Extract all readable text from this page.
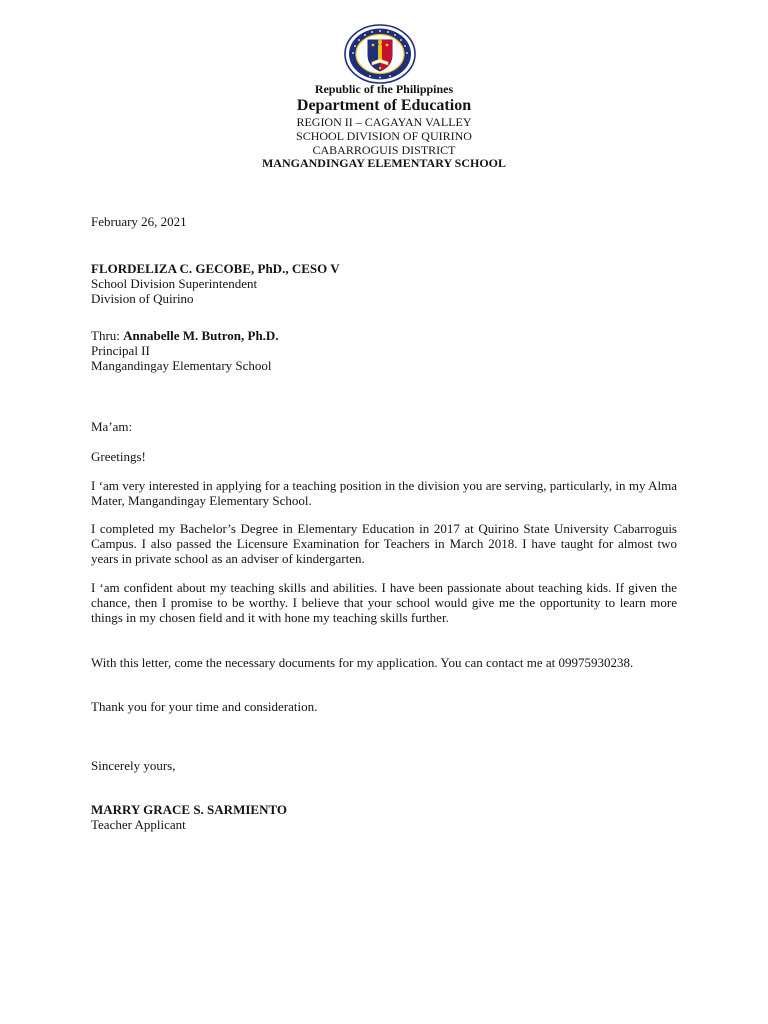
Republic of the Philippines
Department of Education
REGION II – CAGAYAN VALLEY
SCHOOL DIVISION OF QUIRINO
CABARROGUIS DISTRICT
MANGANDINGAY ELEMENTARY SCHOOL
February 26, 2021
FLORDELIZA C. GECOBE, PhD., CESO V
School Division Superintendent
Division of Quirino
Thru: Annabelle M. Butron, Ph.D.
Principal II
Mangandingay Elementary School
Ma’am:
Greetings!

I ‘am very interested in applying for a teaching position in the division you are serving, particularly, in my Alma Mater, Mangandingay Elementary School.

I completed my Bachelor’s Degree in Elementary Education in 2017 at Quirino State University Cabarroguis Campus. I also passed the Licensure Examination for Teachers in March 2018. I have taught for almost two years in private school as an adviser of kindergarten.

I ‘am confident about my teaching skills and abilities. I have been passionate about teaching kids. If given the chance, then I promise to be worthy. I believe that your school would give me the opportunity to learn more things in my chosen field and it with hone my teaching skills further.

With this letter, come the necessary documents for my application. You can contact me at 09975930238.

Thank you for your time and consideration.

Sincerely yours,
MARRY GRACE S. SARMIENTO
Teacher Applicant
